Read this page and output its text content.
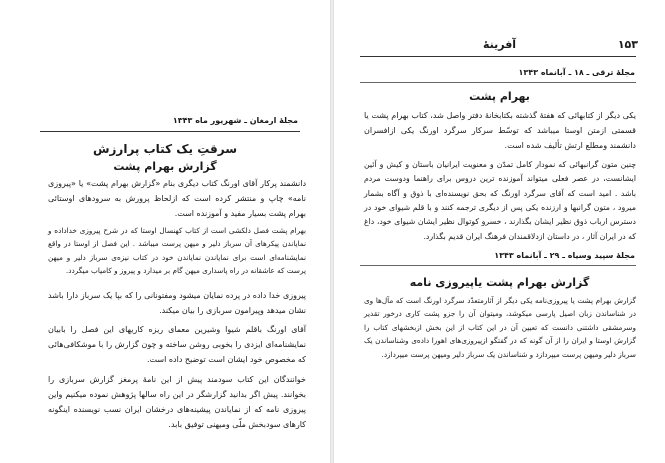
مجلهٔ ارمغان ـ شهریور ماه ۱۳۴۳
سرقتِ یک کتاب پرارزش
گزارش بهرام پشت
دانشمند پرکار آقای اورنگ کتاب دیگری بنام «گزارش بهرام پشت» یا «پیروزی نامه» چاپ و منتشر کرده است که ازلحاظ پرورش به سرودهای اوستائی بهرام پشت بسیار مفید و آموزنده است.
بهرام پشت فصل دلکشی است از کتاب کهنسال اوستا که در شرح پیروزی خداداده و نمایاندن پیکرهای آن سرباز دلیر و میهن پرست میباشد . این فصل از اوستا در واقع نمایشنامه‌ای است برای نمایاندن نمایاندن خود در کتاب نیزه‌ی سرباز دلیر و میهن پرست که عاشقانه در راه پاسداری میهن گام بر میدارد و پیروز و کامیاب میگردد.
پیروزی خدا داده در پرده نمایان میشود ومفتونانی را که بپا یک سرباز دارا باشد نشان میدهد وپیرامون سربازی را بیان میکند.
آقای اورنگ باقلم شیوا وشیرین معمای ریزه کاریهای این فصل را بابیان نمایشنامه‌ای ایزدی را بخوبی روشن ساخته و چون گزارش را با موشکافی‌هائی که مخصوص خود ایشان است توضیح داده است.
خوانندگان این کتاب سودمند پیش از این نامهٔ پرمغز گزارش سربازی را بخوانند. پیش اگر بدانید گزارشگر در این راه سالها پژوهش نموده میکنیم واین پیروزی نامه که از نمایاندن پیشینه‌های درخشان ایران نسب نویسنده اینگونه کارهای سودبخش ملّی ومیهنی توفیق بابد.
۱۵۳
آفرینهٔ
مجلهٔ ترقی ـ ۱۸ ـ آبانماه ۱۳۴۳
بهرام پشت
یکی دیگر از کتابهائی که هفتهٔ گذشته بکتابخانهٔ دفتر واصل شد، کتاب بهرام پشت یا قسمتی ازمتن اوستا میباشد که توسّط سرکار سرگرد اورنگ یکی ازافسران دانشمند ومطلع ارتش تألیف شده است.
چنین متون گرانبهائی که نمودار کامل تمدّن و معنویت ایرانیان باستان و کیش و آئین ایشانست، در عصر فعلی میتواند آموزنده ترین دروس برای راهنما ودوست مردم باشد . امید است که آقای سرگرد اورنگ که بحق نویسنده‌ای با ذوق و آگاه بشمار میرود ، متون گرانبها و ارزنده یکی پس از دیگری ترجمه کنند و با قلم شیوای خود در دسترس ارباب ذوق نظیر ایشان بگذارند ، خسرو کوتوال نظیر ایشان شیوای خود، داغ که در ایران آثار ، در داستان ازدلاقمندان فرهنگ ایران قدیم بگذارد.
مجلهٔ سپید وسیاه ـ ۲۹ ـ آبانماه ۱۳۴۳
گزارش بهرام پشت یاپیروزی نامه
گزارش بهرام پشت یا پیروزی‌نامه یکی دیگر از آثارمتعدّد سرگرد اورنگ است که مآل‌ها وی در شناساندن زبان اصیل پارسی میکوشد، ومیتوان آن را جزو پشت کاری درخور تقدیر وسرمشقی داشتنی دانست که تعیین آن در این کتاب از این بخش ازبخشهای کتاب را گزارش اوستا و ایران را از آن گونه که در گفتگو ازپیروزی‌های اهورا داده‌ی وشناساندن یک سرباز دلیر ومیهن پرست میپردازد و شناساندن یک سرباز دلیر ومیهن پرست میپردازد.
